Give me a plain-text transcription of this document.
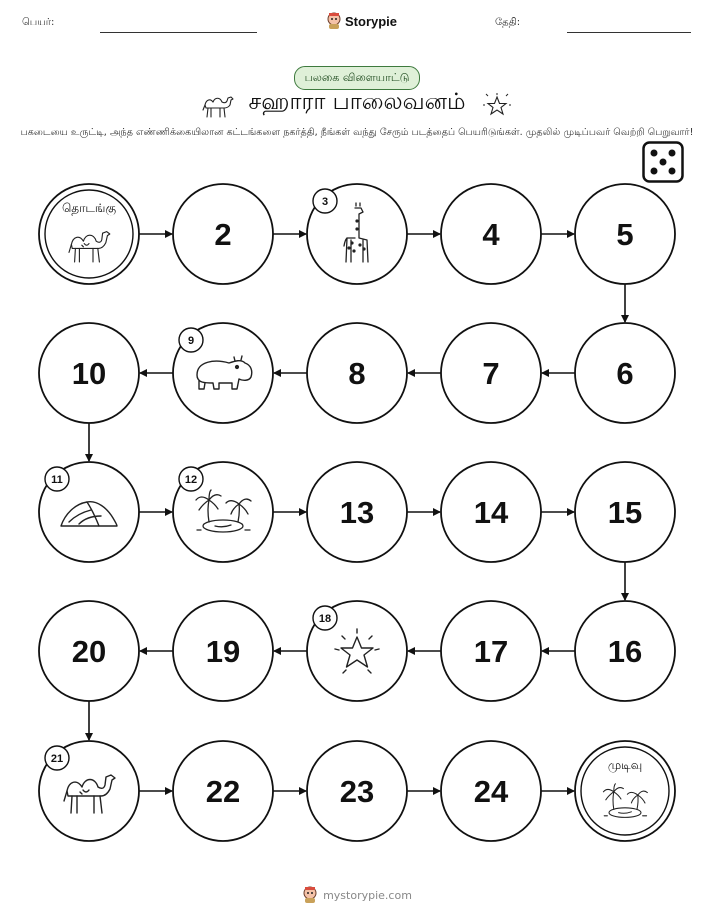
பெயர்:	Storypie	தேதி:
பலகை விளையாட்டு
சஹாரா பாலைவனம்
பகடையை உருட்டி, அந்த எண்ணிக்கையிலான கட்டங்களை நகர்த்தி, நீங்கள் வந்து சேரும் படத்தைப் பெயரிடுங்கள். முதலில் முடிப்பவர் வெற்றி பெறுவார்!
தொடங்கு
2
3
4	5
6
7
8
9
10
11	12
13	14	15
16
17
18
19
20
21
22	23	24
முடிவு
mystorypie.com
